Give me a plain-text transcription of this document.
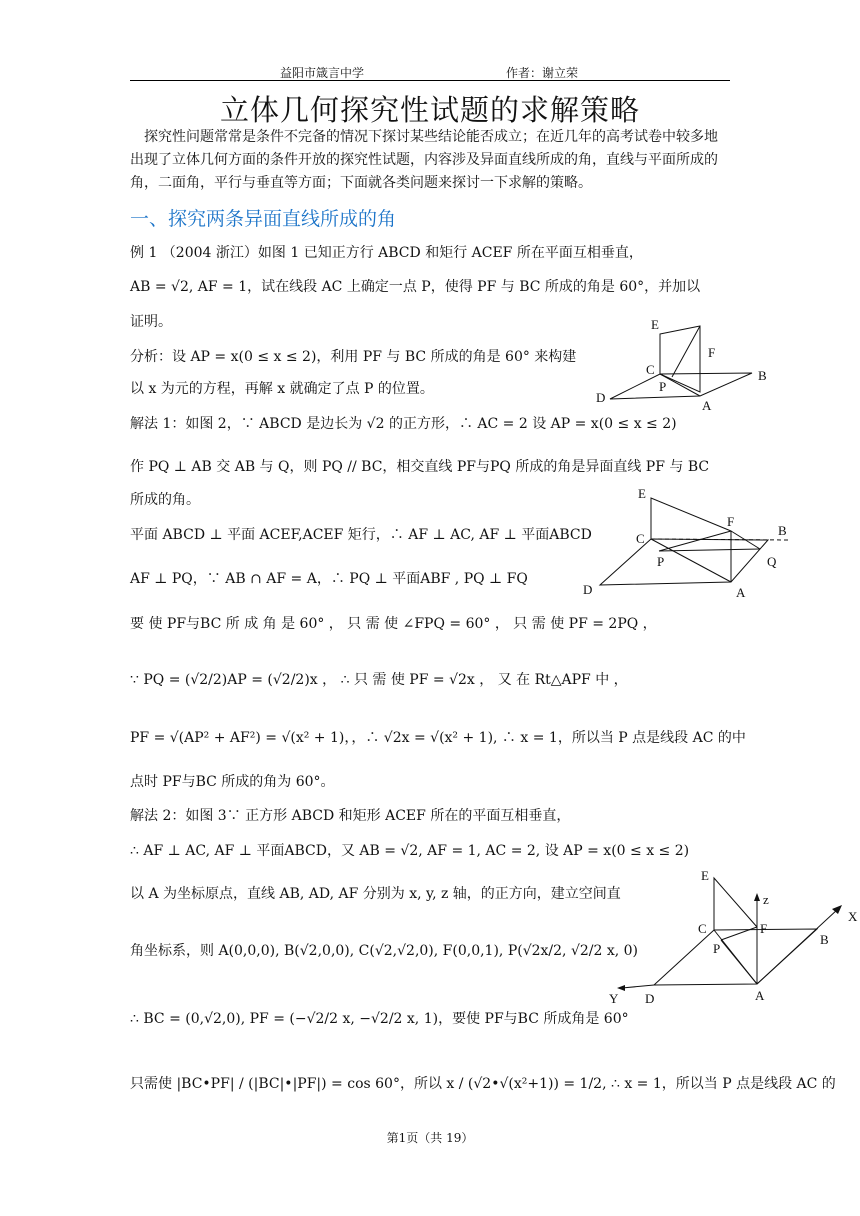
益阳市箴言中学	作者：谢立荣
立体几何探究性试题的求解策略
探究性问题常常是条件不完备的情况下探讨某些结论能否成立；在近几年的高考试卷中较多地出现了立体几何方面的条件开放的探究性试题，内容涉及异面直线所成的角，直线与平面所成的角，二面角，平行与垂直等方面；下面就各类问题来探讨一下求解的策略。
一、探究两条异面直线所成的角
例 1 （2004 浙江）如图 1 已知正方行 ABCD 和矩行 ACEF 所在平面互相垂直，
AB = √2, AF = 1，试在线段 AC 上确定一点 P，使得 PF 与 BC 所成的角是 60°，并加以
证明。
分析：设 AP = x(0 ≤ x ≤ 2)，利用 PF 与 BC 所成的角是 60° 来构建
以 x 为元的方程，再解 x 就确定了点 P 的位置。
解法 1：如图 2，∵ ABCD 是边长为 √2 的正方形，∴ AC = 2 设 AP = x(0 ≤ x ≤ 2)
作 PQ ⊥ AB 交 AB 与 Q，则 PQ // BC，相交直线 PF与PQ 所成的角是异面直线 PF 与 BC
所成的角。
平面 ABCD ⊥ 平面 ACEF,ACEF 矩行，∴ AF ⊥ AC, AF ⊥ 平面ABCD
AF ⊥ PQ，∵ AB ∩ AF = A，∴ PQ ⊥ 平面ABF , PQ ⊥ FQ
要 使 PF与BC 所 成 角 是 60° ， 只 需 使 ∠FPQ = 60° ， 只 需 使 PF = 2PQ ，
∵ PQ = (√2/2)AP = (√2/2)x ， ∴ 只 需 使 PF = √2x ， 又 在 Rt△APF 中 ，
PF = √(AP² + AF²) = √(x² + 1)，，∴ √2x = √(x² + 1), ∴ x = 1，所以当 P 点是线段 AC 的中
点时 PF与BC 所成的角为 60°。
解法 2：如图 3∵ 正方形 ABCD 和矩形 ACEF 所在的平面互相垂直，
∴ AF ⊥ AC, AF ⊥ 平面ABCD，又 AB = √2, AF = 1, AC = 2, 设 AP = x(0 ≤ x ≤ 2)
以 A 为坐标原点，直线 AB, AD, AF 分别为 x, y, z 轴，的正方向，建立空间直
角坐标系，则 A(0,0,0), B(√2,0,0), C(√2,√2,0), F(0,0,1), P(√2x/2, √2/2 x, 0)
∴ BC = (0,√2,0), PF = (−√2/2 x, −√2/2 x, 1)，要使 PF与BC 所成角是 60°
只需使 |BC•PF| / (|BC|•|PF|) = cos 60°，所以 x / (√2•√(x²+1)) = 1/2, ∴ x = 1，所以当 P 点是线段 AC 的
E
F
C
P
B
D
A
E
F
B
C
P	Q
D	A
E
z
X
C	F
B
P
Y D	A
第1页（共 19）
